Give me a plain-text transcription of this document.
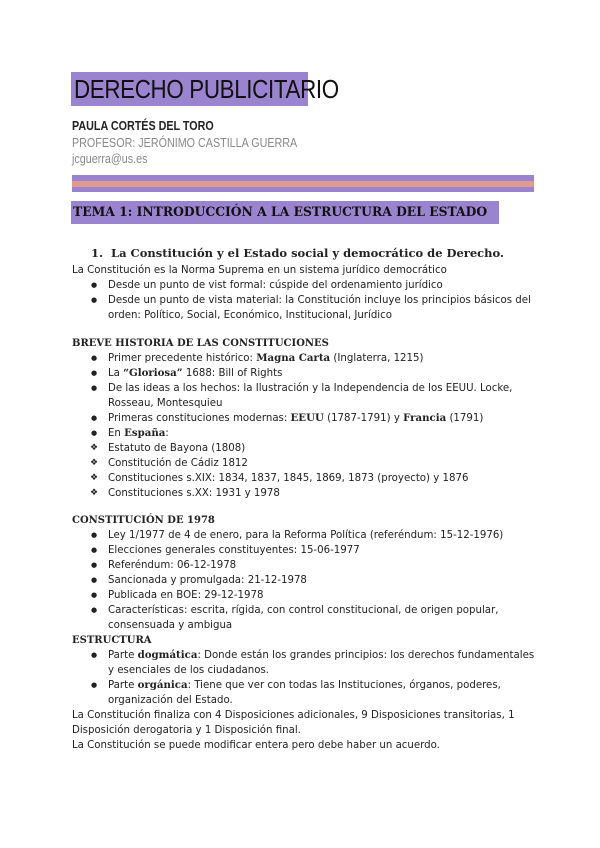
DERECHO PUBLICITARIO
PAULA CORTÉS DEL TORO
PROFESOR: JERÓNIMO CASTILLA GUERRA
jcguerra@us.es
TEMA 1: INTRODUCCIÓN A LA ESTRUCTURA DEL ESTADO
1. La Constitución y el Estado social y democrático de Derecho.

La Constitución es la Norma Suprema en un sistema jurídico democrático

● Desde un punto de vist formal: cúspide del ordenamiento jurídico
● Desde un punto de vista material: la Constitución incluye los principios básicos del orden: Político, Social, Económico, Institucional, Jurídico
BREVE HISTORIA DE LAS CONSTITUCIONES
● Primer precedente histórico: Magna Carta (Inglaterra, 1215)
● La “Gloriosa” 1688: Bill of Rights
● De las ideas a los hechos: la Ilustración y la Independencia de los EEUU. Locke, Rosseau, Montesquieu
● Primeras constituciones modernas: EEUU (1787-1791) y Francia (1791)
● En España:
❖ Estatuto de Bayona (1808)
❖ Constitución de Cádiz 1812
❖ Constituciones s.XIX: 1834, 1837, 1845, 1869, 1873 (proyecto) y 1876
❖ Constituciones s.XX: 1931 y 1978
CONSTITUCIÓN DE 1978
● Ley 1/1977 de 4 de enero, para la Reforma Política (referéndum: 15-12-1976)
● Elecciones generales constituyentes: 15-06-1977
● Referéndum: 06-12-1978
● Sancionada y promulgada: 21-12-1978
● Publicada en BOE: 29-12-1978
● Características: escrita, rígida, con control constitucional, de origen popular, consensuada y ambigua
ESTRUCTURA
● Parte dogmática: Donde están los grandes principios: los derechos fundamentales y esenciales de los ciudadanos.
● Parte orgánica: Tiene que ver con todas las Instituciones, órganos, poderes, organización del Estado.

La Constitución finaliza con 4 Disposiciones adicionales, 9 Disposiciones transitorias, 1 Disposición derogatoria y 1 Disposición final.

La Constitución se puede modificar entera pero debe haber un acuerdo.
